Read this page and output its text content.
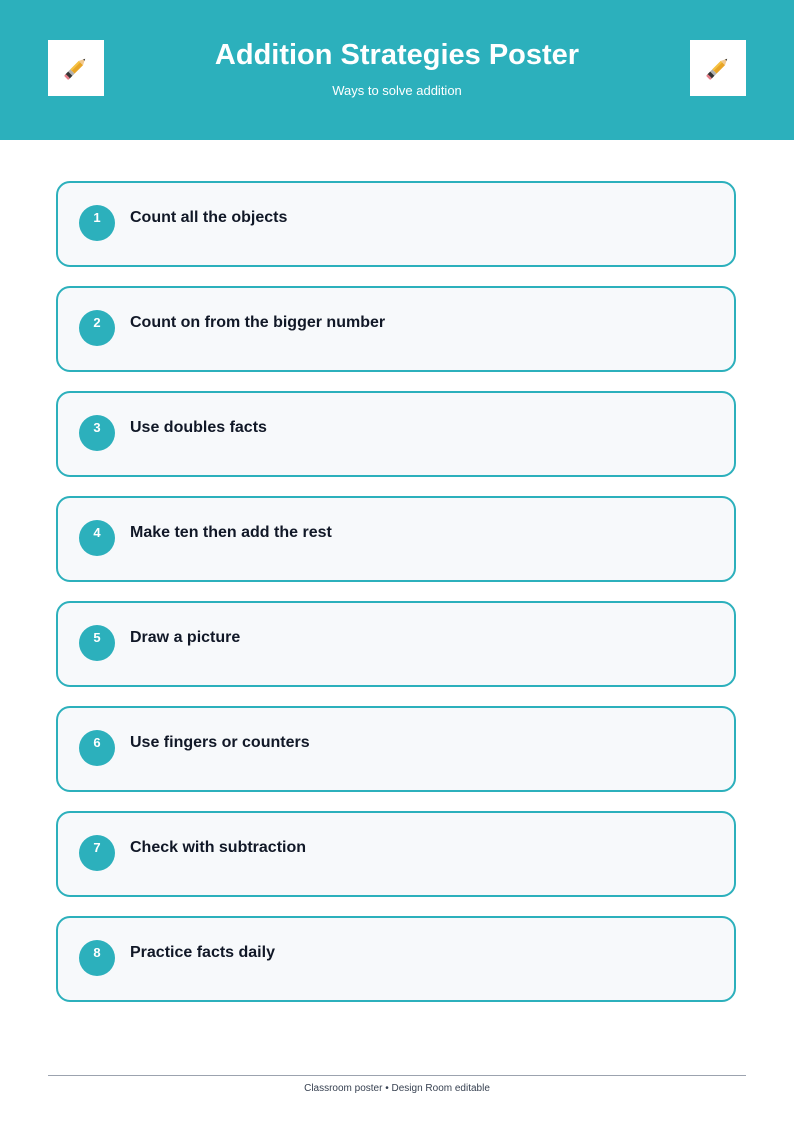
Addition Strategies Poster
Ways to solve addition
1	Count all the objects
2	Count on from the bigger number
3	Use doubles facts
4	Make ten then add the rest
5	Draw a picture
6	Use fingers or counters
7	Check with subtraction
8	Practice facts daily
Classroom poster • Design Room editable
